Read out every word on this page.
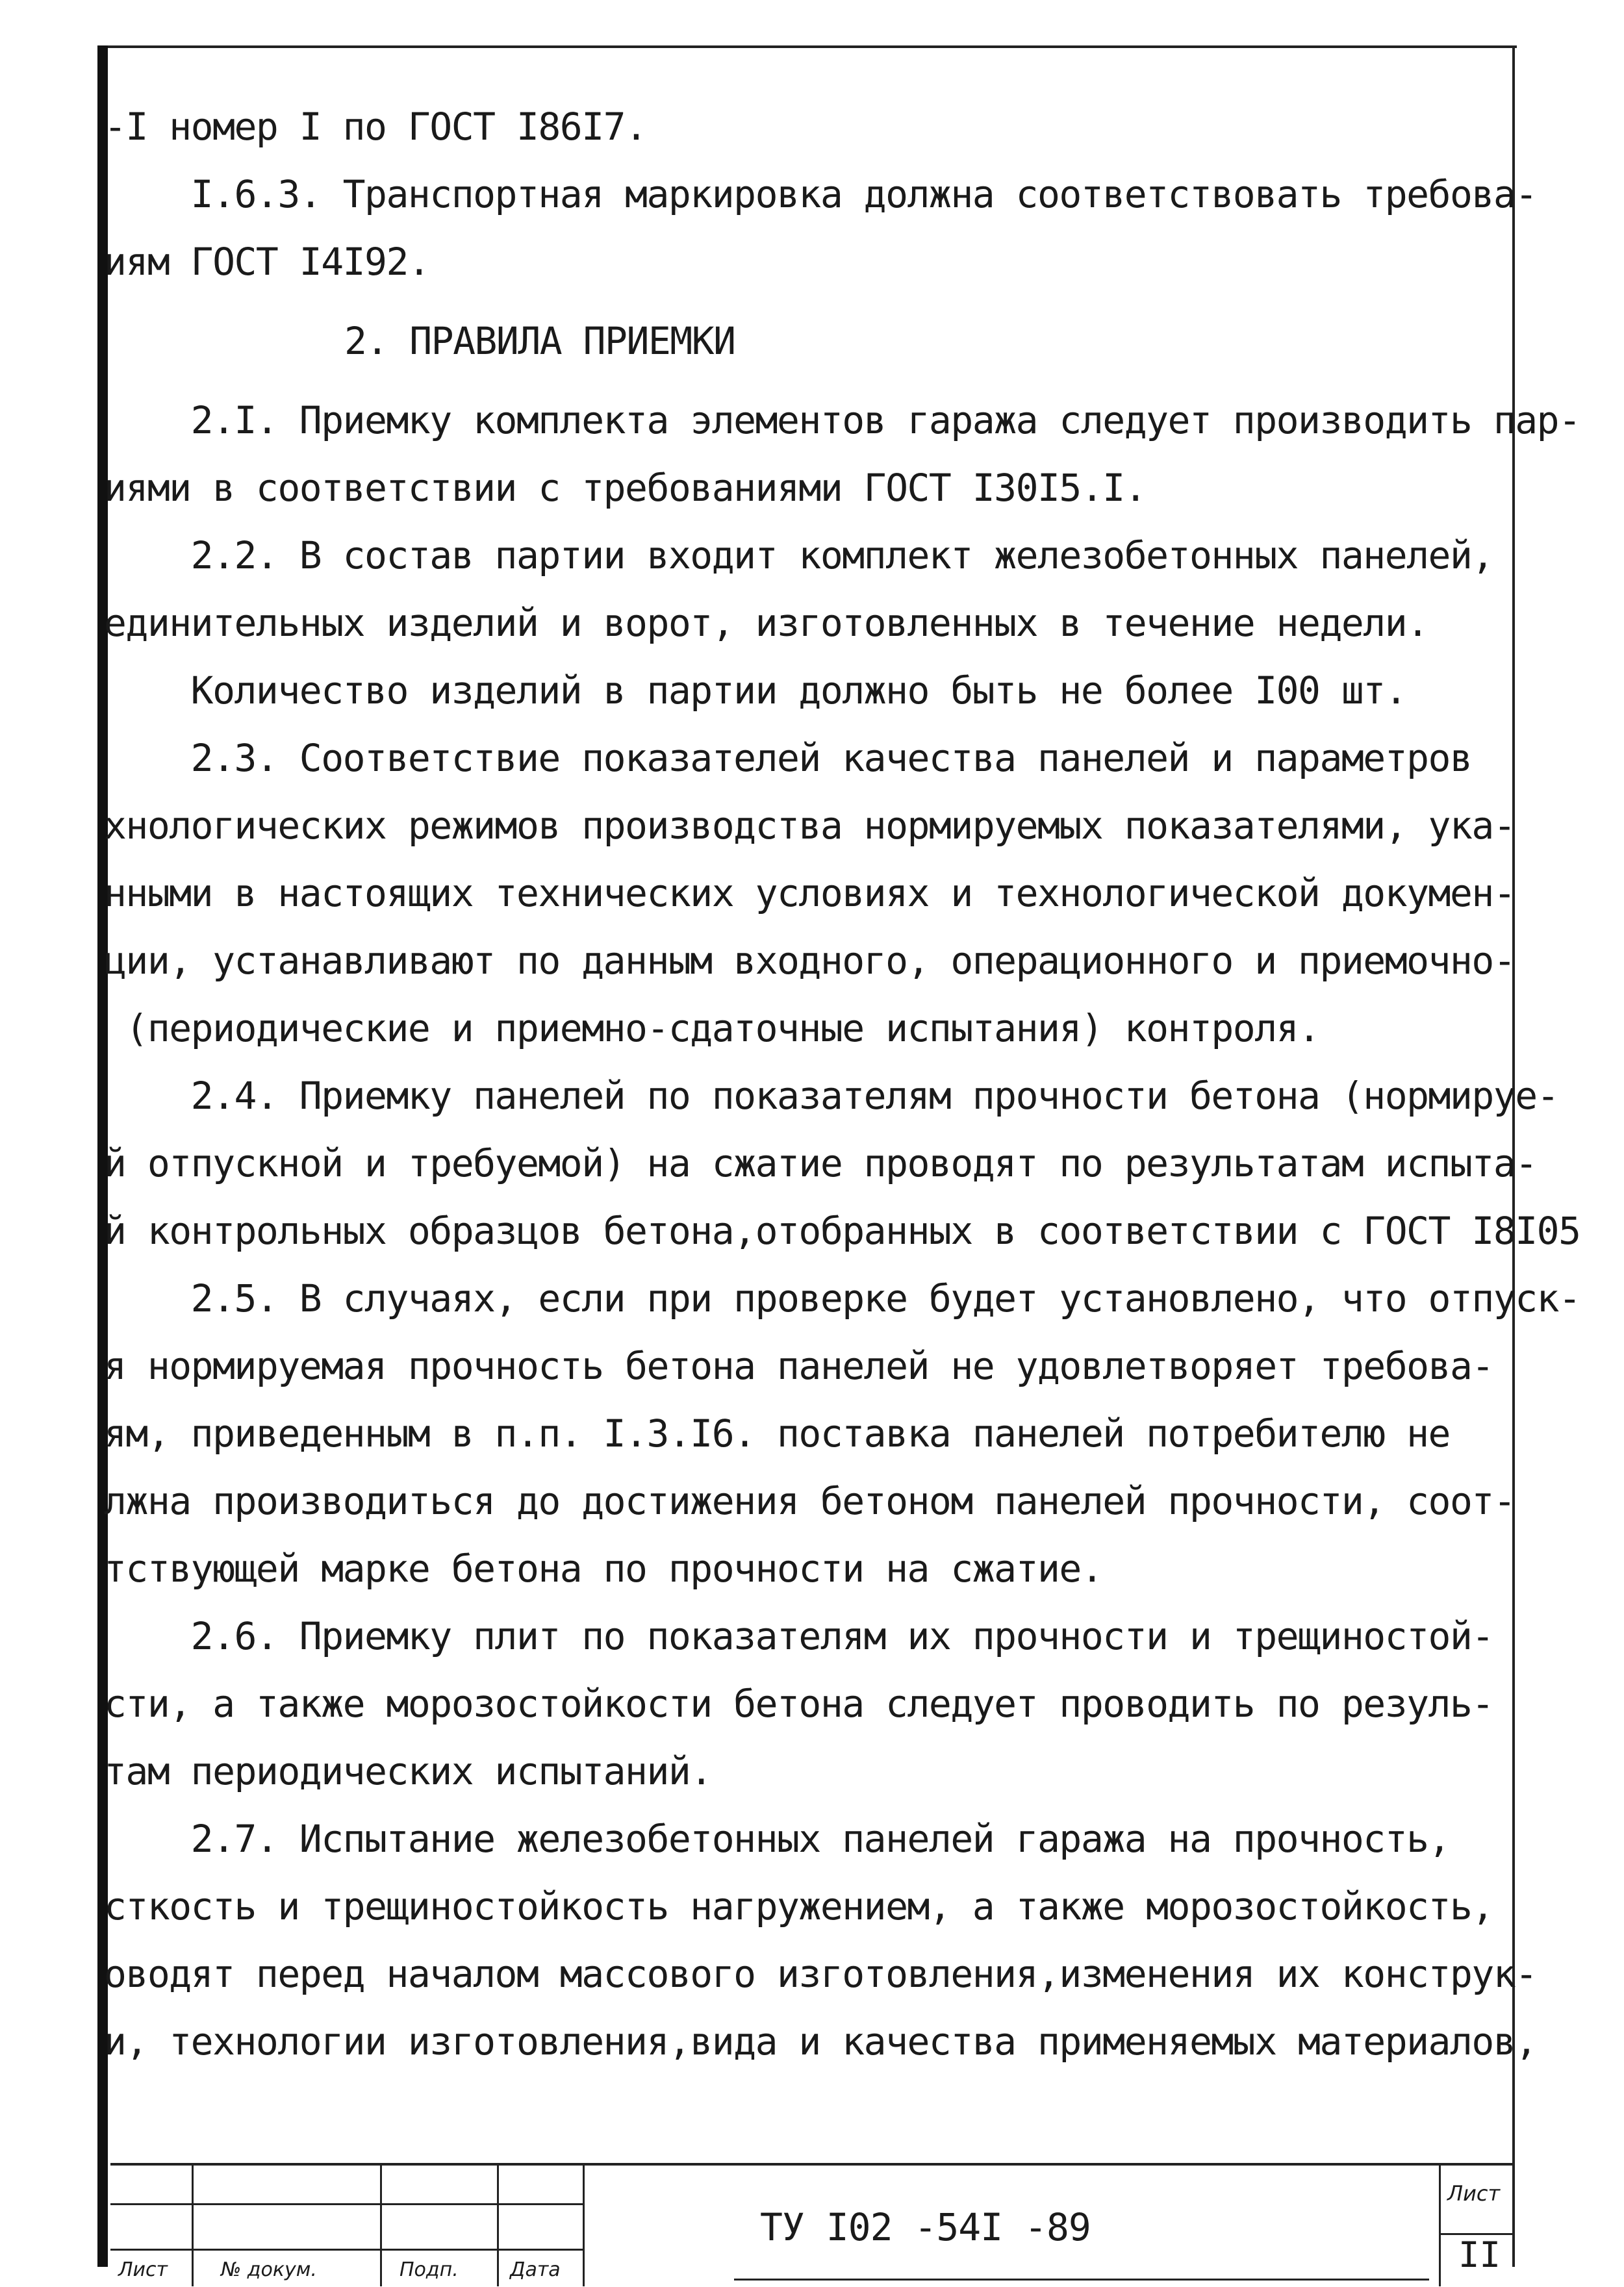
-I номер I по ГОСТ I86I7.
I.6.3. Транспортная маркировка должна соответствовать требова-
иям ГОСТ I4I92.
2. ПРАВИЛА ПРИЕМКИ
2.I. Приемку комплекта элементов гаража следует производить пар-
иями в соответствии с требованиями ГОСТ I30I5.I.
2.2. В состав партии входит комплект железобетонных панелей,
единительных изделий и ворот, изготовленных в течение недели.
Количество изделий в партии должно быть не более I00 шт.
2.3. Соответствие показателей качества панелей и параметров
хнологических режимов производства нормируемых показателями, ука-
нными в настоящих технических условиях и технологической докумен-
ции, устанавливают по данным входного, операционного и приемочно-
(периодические и приемно-сдаточные испытания) контроля.
2.4. Приемку панелей по показателям прочности бетона (нормируе-
й отпускной и требуемой) на сжатие проводят по результатам испыта-
й контрольных образцов бетона,отобранных в соответствии с ГОСТ I8I05
2.5. В случаях, если при проверке будет установлено, что отпуск-
я нормируемая прочность бетона панелей не удовлетворяет требова-
ям, приведенным в п.п. I.3.I6. поставка панелей потребителю не
лжна производиться до достижения бетоном панелей прочности, соот-
тствующей марке бетона по прочности на сжатие.
2.6. Приемку плит по показателям их прочности и трещиностой-
сти, а также морозостойкости бетона следует проводить по резуль-
там периодических испытаний.
2.7. Испытание железобетонных панелей гаража на прочность,
сткость и трещиностойкость нагружением, а также морозостойкость,
оводят перед началом массового изготовления,изменения их конструк-
и, технологии изготовления,вида и качества применяемых материалов,
Лист	№ докум.	Подп.	Дата
ТУ I02 -54I -89
Лист
II
